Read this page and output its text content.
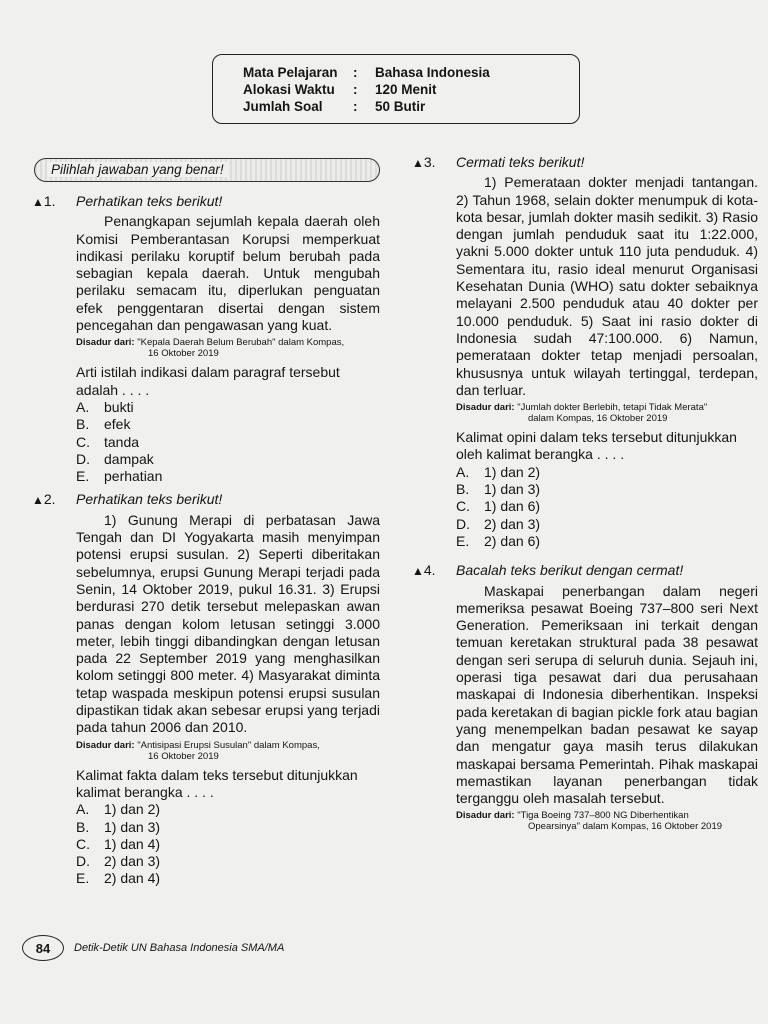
Mata Pelajaran	:	Bahasa Indonesia
Alokasi Waktu	:	120 Menit
Jumlah Soal	:	50 Butir
Pilihlah jawaban yang benar!
▲1.	Perhatikan teks berikut!

Penangkapan sejumlah kepala daerah oleh Komisi Pemberantasan Korupsi memperkuat indikasi perilaku koruptif belum berubah pada sebagian kepala daerah. Untuk mengubah perilaku semacam itu, diperlukan penguatan efek penggentaran disertai dengan sistem pencegahan dan pengawasan yang kuat.

Disadur dari: "Kepala Daerah Belum Berubah" dalam Kompas,
16 Oktober 2019
Arti istilah indikasi dalam paragraf tersebut adalah . . . .
A.	bukti
B.	efek
C.	tanda
D.	dampak
E.	perhatian
▲2.	Perhatikan teks berikut!

1) Gunung Merapi di perbatasan Jawa Tengah dan DI Yogyakarta masih menyimpan potensi erupsi susulan. 2) Seperti diberitakan sebelumnya, erupsi Gunung Merapi terjadi pada Senin, 14 Oktober 2019, pukul 16.31. 3) Erupsi berdurasi 270 detik tersebut melepaskan awan panas dengan kolom letusan setinggi 3.000 meter, lebih tinggi dibandingkan dengan letusan pada 22 September 2019 yang menghasilkan kolom setinggi 800 meter. 4) Masyarakat diminta tetap waspada meskipun potensi erupsi susulan dipastikan tidak akan sebesar erupsi yang terjadi pada tahun 2006 dan 2010.

Disadur dari: "Antisipasi Erupsi Susulan" dalam Kompas,
16 Oktober 2019
Kalimat fakta dalam teks tersebut ditunjukkan kalimat berangka . . . .
A.	1) dan 2)
B.	1) dan 3)
C.	1) dan 4)
D.	2) dan 3)
E.	2) dan 4)
▲3.	Cermati teks berikut!

1) Pemerataan dokter menjadi tantangan. 2) Tahun 1968, selain dokter menumpuk di kota-kota besar, jumlah dokter masih sedikit. 3) Rasio dengan jumlah penduduk saat itu 1:22.000, yakni 5.000 dokter untuk 110 juta penduduk. 4) Sementara itu, rasio ideal menurut Organisasi Kesehatan Dunia (WHO) satu dokter sebaiknya melayani 2.500 penduduk atau 40 dokter per 10.000 penduduk. 5) Saat ini rasio dokter di Indonesia sudah 47:100.000. 6) Namun, pemerataan dokter tetap menjadi persoalan, khususnya untuk wilayah tertinggal, terdepan, dan terluar.

Disadur dari: "Jumlah dokter Berlebih, tetapi Tidak Merata"
dalam Kompas, 16 Oktober 2019
Kalimat opini dalam teks tersebut ditunjukkan oleh kalimat berangka . . . .
A.	1) dan 2)
B.	1) dan 3)
C.	1) dan 6)
D.	2) dan 3)
E.	2) dan 6)
▲4.	Bacalah teks berikut dengan cermat!

Maskapai penerbangan dalam negeri memeriksa pesawat Boeing 737–800 seri Next Generation. Pemeriksaan ini terkait dengan temuan keretakan struktural pada 38 pesawat dengan seri serupa di seluruh dunia. Sejauh ini, operasi tiga pesawat dari dua perusahaan maskapai di Indonesia diberhentikan. Inspeksi pada keretakan di bagian pickle fork atau bagian yang menempelkan badan pesawat ke sayap dan mengatur gaya masih terus dilakukan maskapai bersama Pemerintah. Pihak maskapai memastikan layanan penerbangan tidak terganggu oleh masalah tersebut.

Disadur dari: "Tiga Boeing 737–800 NG Diberhentikan
Opearsinya" dalam Kompas, 16 Oktober 2019
84	Detik-Detik UN Bahasa Indonesia SMA/MA
